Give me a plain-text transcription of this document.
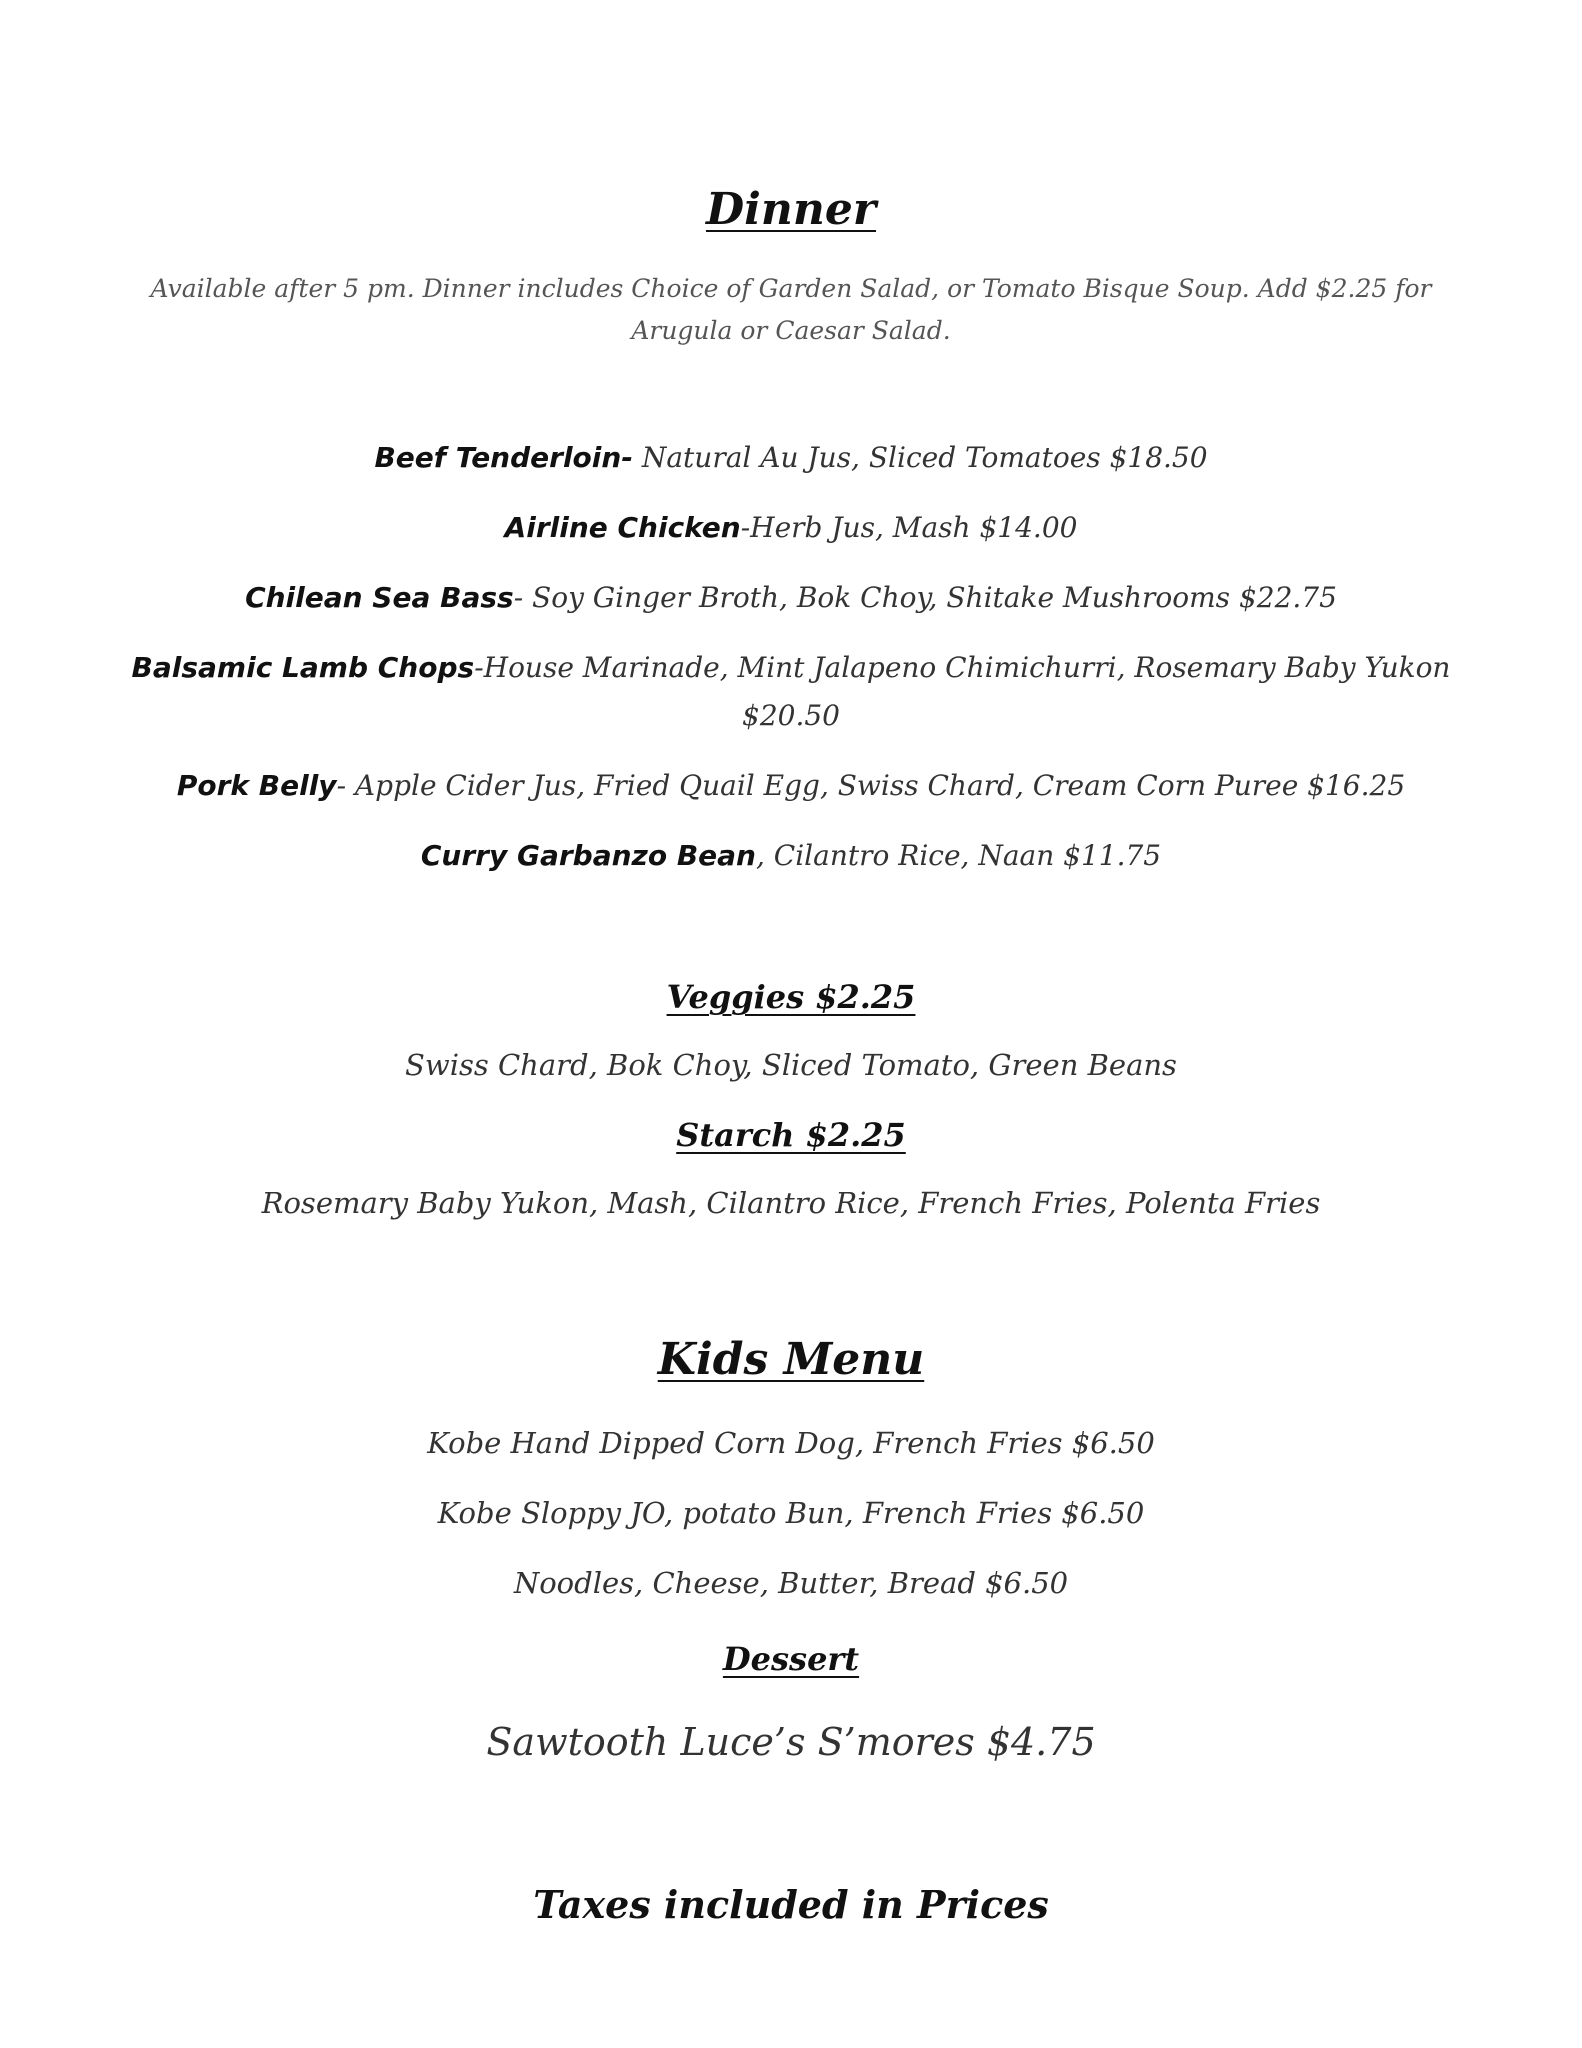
Dinner
Available after 5 pm. Dinner includes Choice of Garden Salad, or Tomato Bisque Soup. Add $2.25 for Arugula or Caesar Salad.
Beef Tenderloin- Natural Au Jus, Sliced Tomatoes $18.50
Airline Chicken-Herb Jus, Mash $14.00
Chilean Sea Bass- Soy Ginger Broth, Bok Choy, Shitake Mushrooms $22.75
Balsamic Lamb Chops-House Marinade, Mint Jalapeno Chimichurri, Rosemary Baby Yukon $20.50
Pork Belly- Apple Cider Jus, Fried Quail Egg, Swiss Chard, Cream Corn Puree $16.25
Curry Garbanzo Bean, Cilantro Rice, Naan $11.75
Veggies $2.25
Swiss Chard, Bok Choy, Sliced Tomato, Green Beans
Starch $2.25
Rosemary Baby Yukon, Mash, Cilantro Rice, French Fries, Polenta Fries
Kids Menu
Kobe Hand Dipped Corn Dog, French Fries $6.50
Kobe Sloppy JO, potato Bun, French Fries $6.50
Noodles, Cheese, Butter, Bread $6.50
Dessert
Sawtooth Luce’s S’mores $4.75
Taxes included in Prices
